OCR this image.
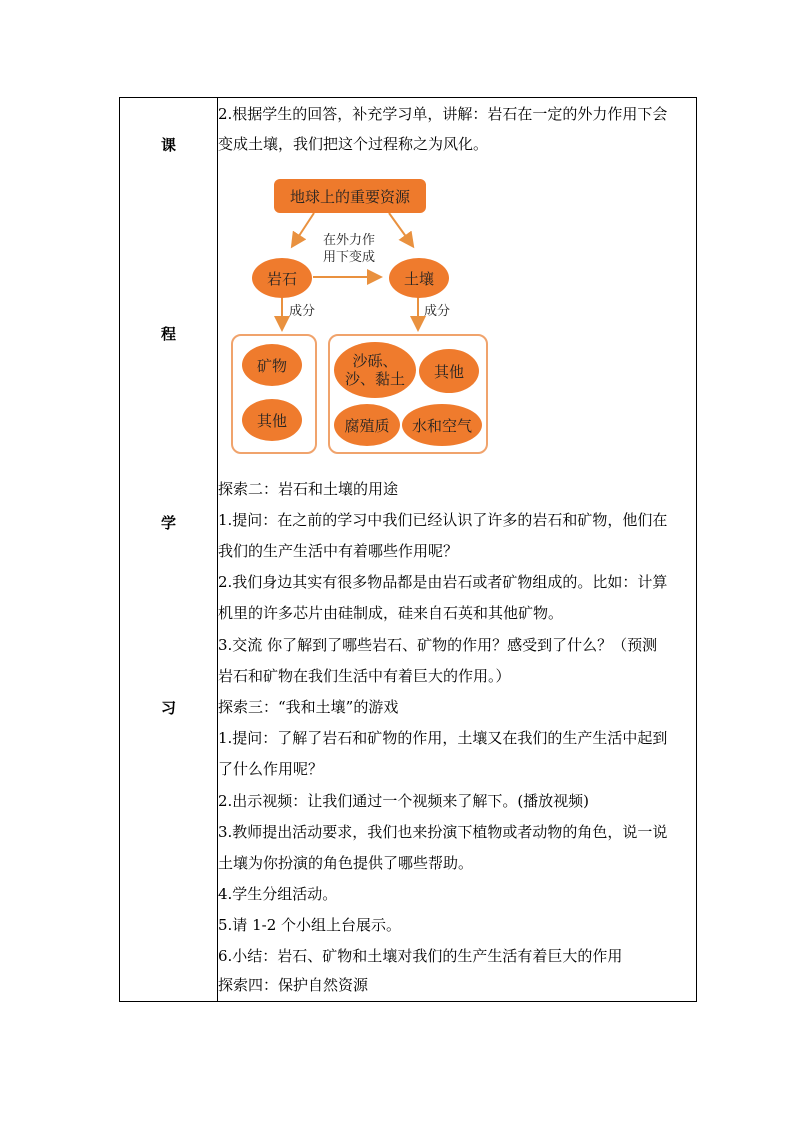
课
程
学
习
2.根据学生的回答，补充学习单，讲解：岩石在一定的外力作用下会
变成土壤，我们把这个过程称之为风化。
地球上的重要资源
在外力作
用下变成
岩石	土壤
成分	成分
矿物
其他
沙砾、
沙、黏土	其他
腐殖质	水和空气
探索二：岩石和土壤的用途
1.提问：在之前的学习中我们已经认识了许多的岩石和矿物，他们在
我们的生产生活中有着哪些作用呢？
2.我们身边其实有很多物品都是由岩石或者矿物组成的。比如：计算
机里的许多芯片由硅制成，硅来自石英和其他矿物。
3.交流 你了解到了哪些岩石、矿物的作用？感受到了什么？（预测
岩石和矿物在我们生活中有着巨大的作用。）
探索三：“我和土壤”的游戏
1.提问：了解了岩石和矿物的作用，土壤又在我们的生产生活中起到
了什么作用呢？
2.出示视频：让我们通过一个视频来了解下。(播放视频)
3.教师提出活动要求，我们也来扮演下植物或者动物的角色，说一说
土壤为你扮演的角色提供了哪些帮助。
4.学生分组活动。
5.请 1-2 个小组上台展示。
6.小结：岩石、矿物和土壤对我们的生产生活有着巨大的作用
探索四：保护自然资源
